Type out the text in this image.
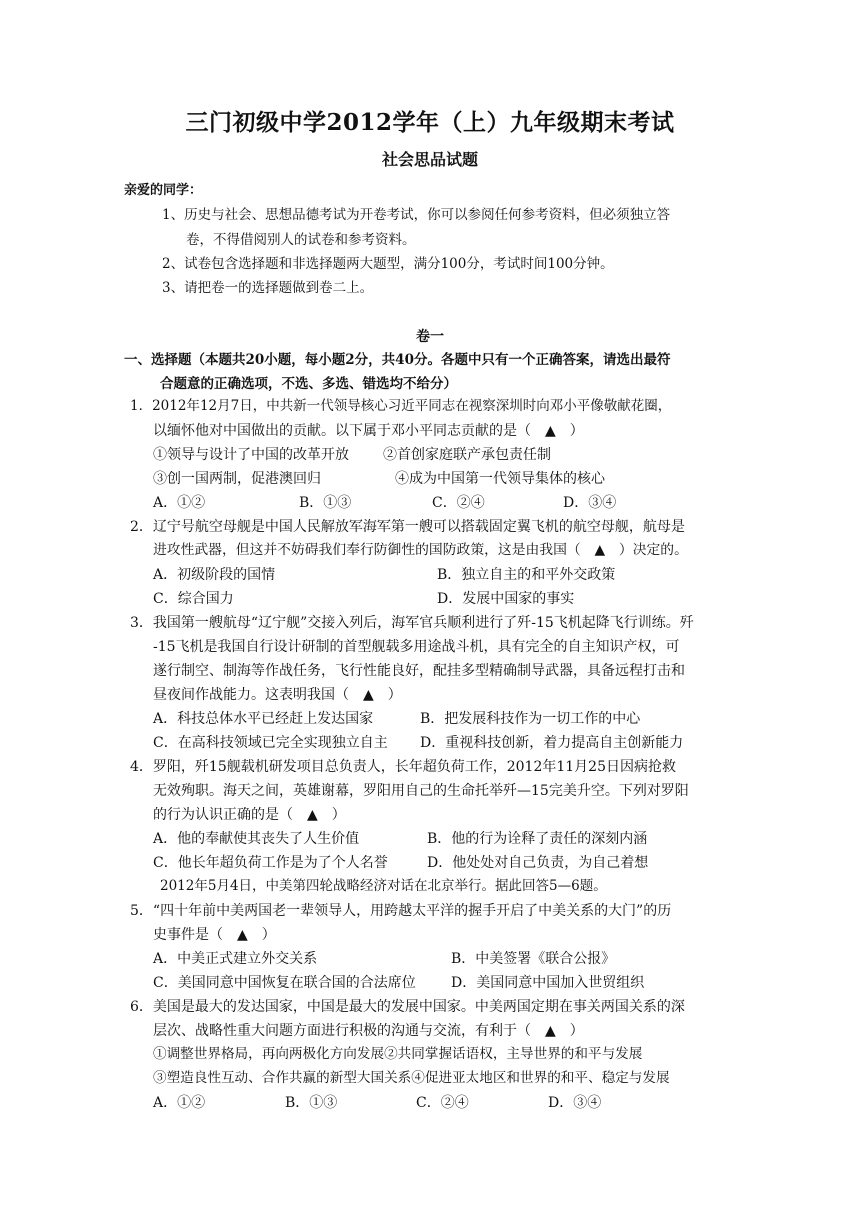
三门初级中学2012学年（上）九年级期末考试
社会思品试题
亲爱的同学：
1、历史与社会、思想品德考试为开卷考试，你可以参阅任何参考资料，但必须独立答
卷，不得借阅别人的试卷和参考资料。
2、试卷包含选择题和非选择题两大题型，满分100分，考试时间100分钟。
3、请把卷一的选择题做到卷二上。
卷一
一、选择题（本题共20小题，每小题2分，共40分。各题中只有一个正确答案，请选出最符
合题意的正确选项，不选、多选、错选均不给分）
1．2012年12月7日，中共新一代领导核心习近平同志在视察深圳时向邓小平像敬献花圈，
以缅怀他对中国做出的贡献。以下属于邓小平同志贡献的是（　▲　）
①领导与设计了中国的改革开放 ②首创家庭联产承包责任制
③创一国两制，促港澳回归	④成为中国第一代领导集体的核心
A．①②	B．①③	C．②④	D．③④
2．辽宁号航空母舰是中国人民解放军海军第一艘可以搭载固定翼飞机的航空母舰，航母是
进攻性武器，但这并不妨碍我们奉行防御性的国防政策，这是由我国（　▲　）决定的。
A．初级阶段的国情	B．独立自主的和平外交政策
C．综合国力	D．发展中国家的事实
3．我国第一艘航母“辽宁舰”交接入列后，海军官兵顺利进行了歼-15飞机起降飞行训练。歼
-15飞机是我国自行设计研制的首型舰载多用途战斗机，具有完全的自主知识产权，可
遂行制空、制海等作战任务，飞行性能良好，配挂多型精确制导武器，具备远程打击和
昼夜间作战能力。这表明我国（　▲　）
A．科技总体水平已经赶上发达国家	B．把发展科技作为一切工作的中心
C．在高科技领域已完全实现独立自主 D．重视科技创新，着力提高自主创新能力
4．罗阳，歼15舰载机研发项目总负责人，长年超负荷工作，2012年11月25日因病抢救
无效殉职。海天之间，英雄谢幕，罗阳用自己的生命托举歼—15完美升空。下列对罗阳
的行为认识正确的是（　▲　）
A．他的奉献使其丧失了人生价值	B．他的行为诠释了责任的深刻内涵
C．他长年超负荷工作是为了个人名誉	D．他处处对自己负责，为自己着想
2012年5月4日，中美第四轮战略经济对话在北京举行。据此回答5—6题。
5．“四十年前中美两国老一辈领导人，用跨越太平洋的握手开启了中美关系的大门”的历
史事件是（　▲　）
A．中美正式建立外交关系	B．中美签署《联合公报》
C．美国同意中国恢复在联合国的合法席位	D．美国同意中国加入世贸组织
6．美国是最大的发达国家，中国是最大的发展中国家。中美两国定期在事关两国关系的深
层次、战略性重大问题方面进行积极的沟通与交流，有利于（　▲　）
①调整世界格局，再向两极化方向发展②共同掌握话语权，主导世界的和平与发展
③塑造良性互动、合作共赢的新型大国关系④促进亚太地区和世界的和平、稳定与发展
A．①②	B．①③	C．②④	D．③④
